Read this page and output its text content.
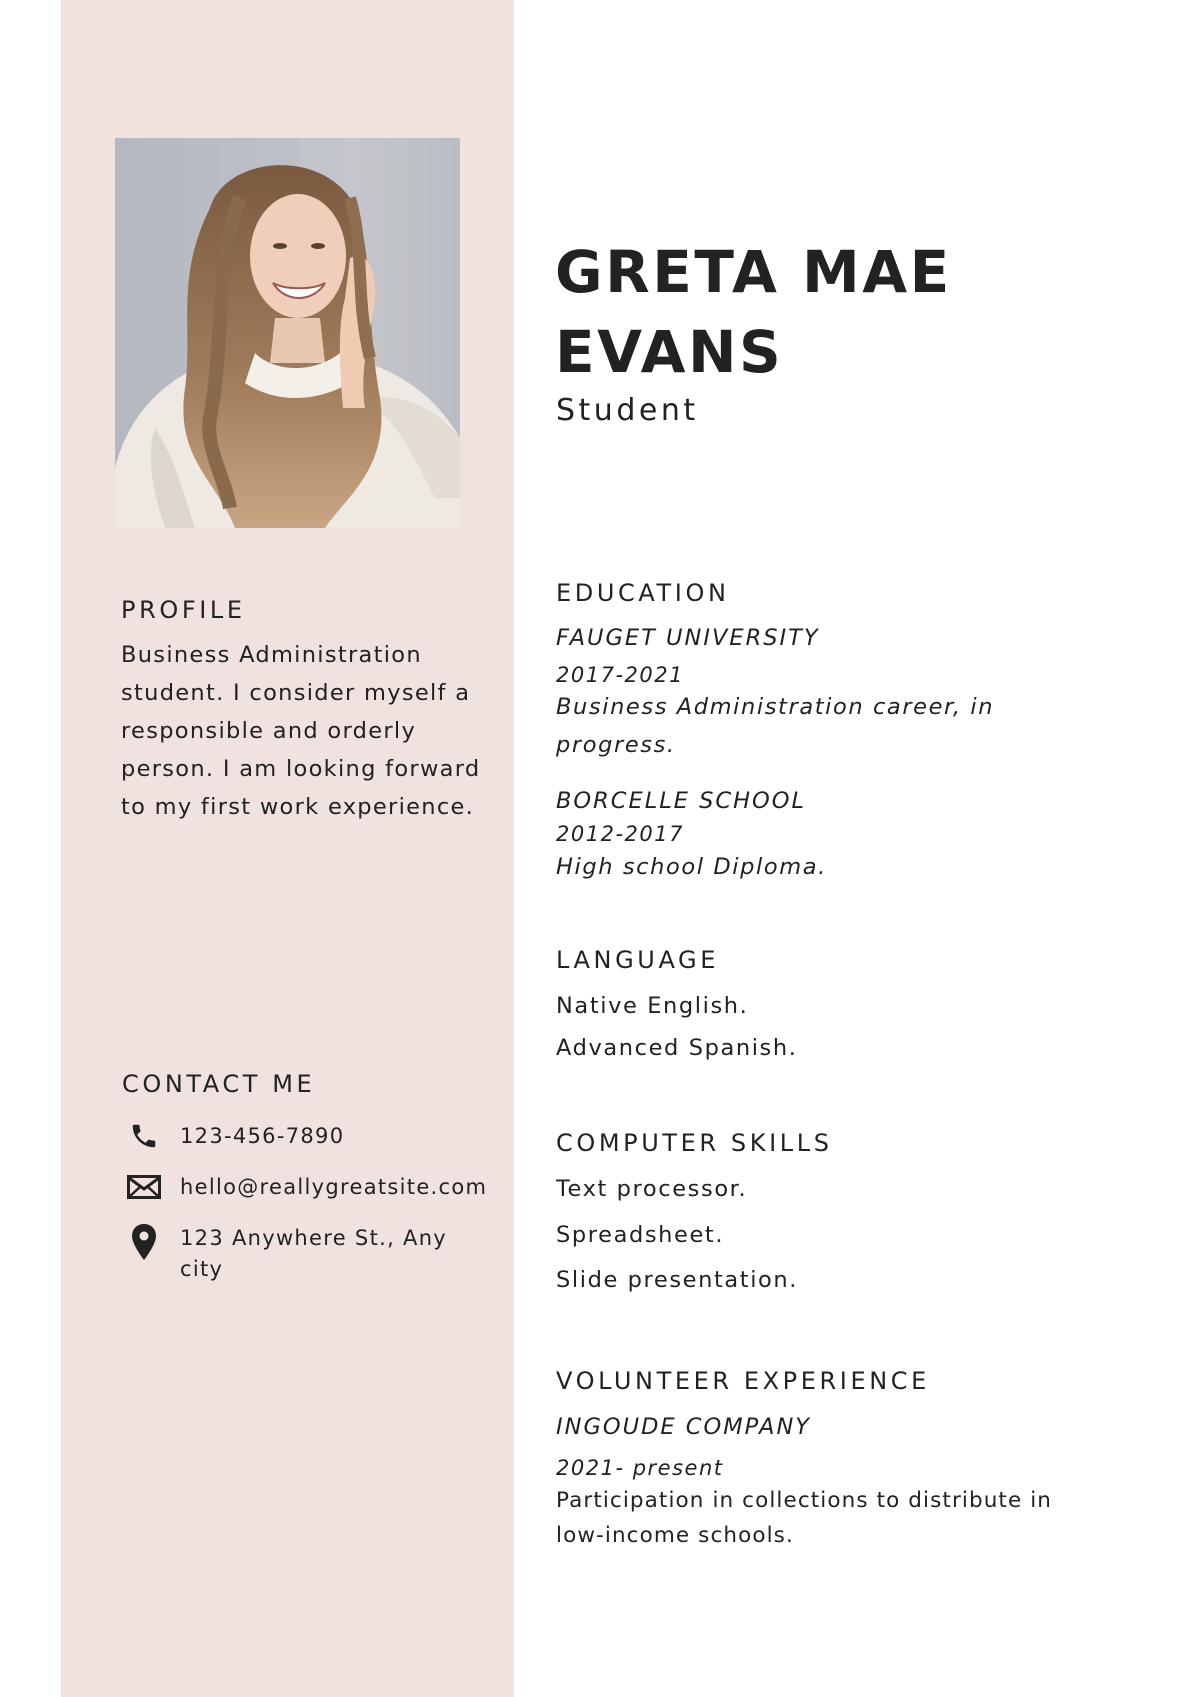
GRETA MAE
EVANS
Student
PROFILE
Business Administration student. I consider myself a responsible and orderly person. I am looking forward to my first work experience.
CONTACT ME
123-456-7890
hello@reallygreatsite.com
123 Anywhere St., Any city
EDUCATION
FAUGET UNIVERSITY
2017-2021
Business Administration career, in progress.
BORCELLE SCHOOL
2012-2017
High school Diploma.
LANGUAGE
Native English.
Advanced Spanish.
COMPUTER SKILLS
Text processor.
Spreadsheet.
Slide presentation.
VOLUNTEER EXPERIENCE
INGOUDE COMPANY
2021- present
Participation in collections to distribute in low-income schools.
